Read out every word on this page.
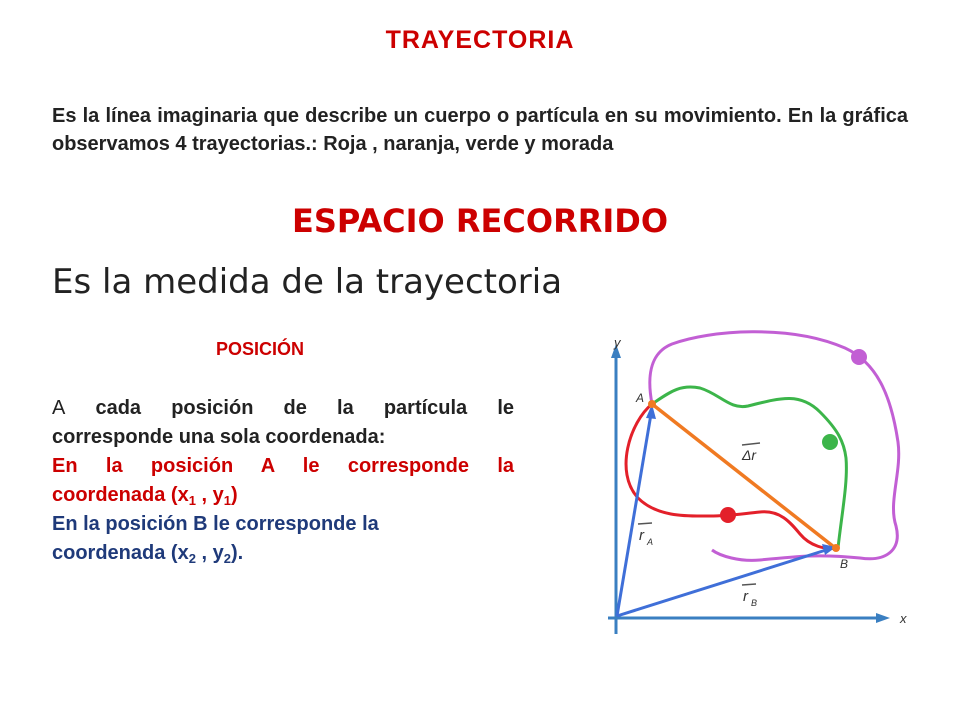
TRAYECTORIA
Es la línea imaginaria que describe un cuerpo o partícula en su movimiento. En la gráfica observamos 4 trayectorias.: Roja , naranja, verde y morada
ESPACIO RECORRIDO
Es la medida de la trayectoria
POSICIÓN
A cada posición de la partícula le
corresponde una sola coordenada:
En la posición A le corresponde la
coordenada ($x_1$ , $y_1$)
En la posición B le corresponde la
coordenada ($x_2$ , $y_2$).
y
x
A
B
Δr
r A
r B
